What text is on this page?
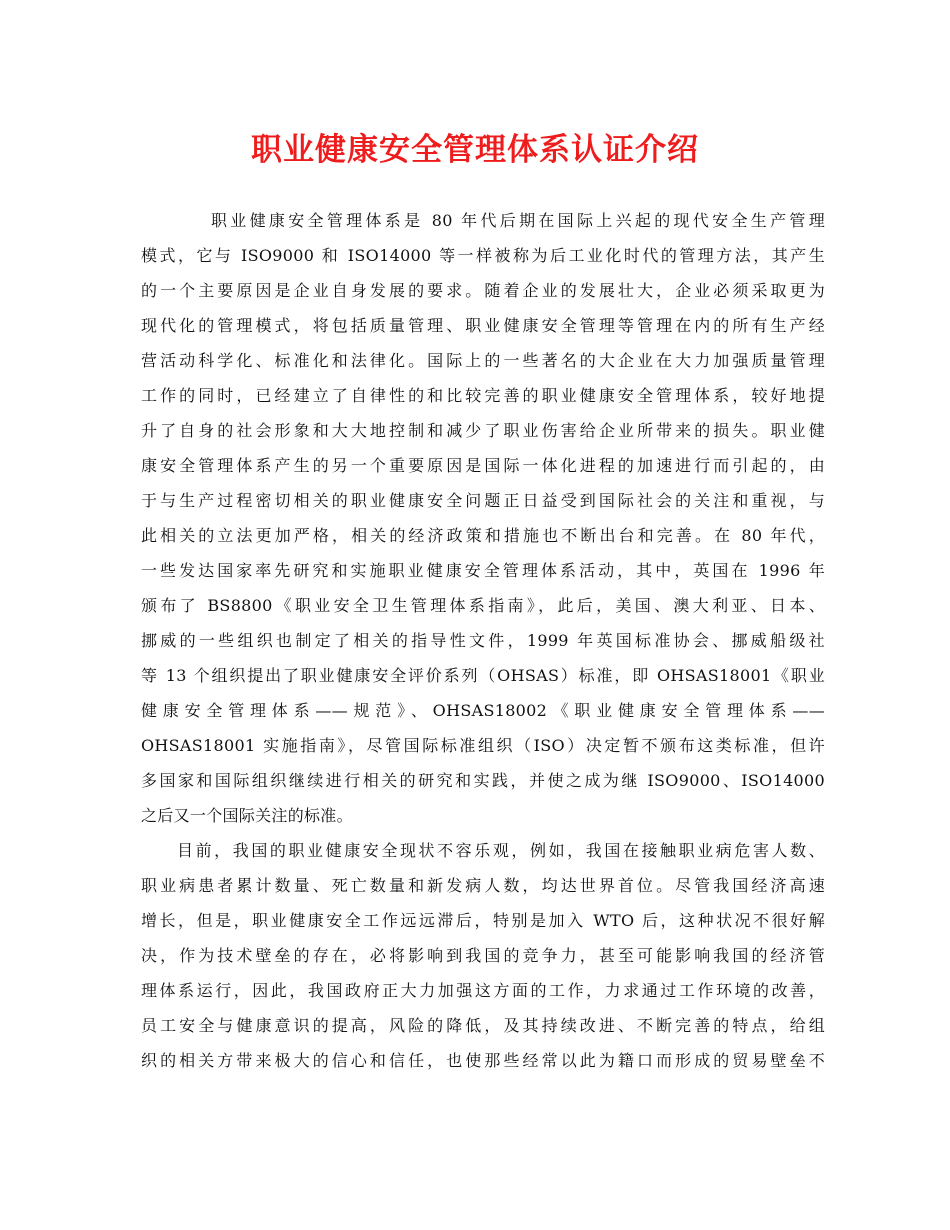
职业健康安全管理体系认证介绍
职业健康安全管理体系是 80 年代后期在国际上兴起的现代安全生产管理
模式，它与 ISO9000 和 ISO14000 等一样被称为后工业化时代的管理方法，其产生
的一个主要原因是企业自身发展的要求。随着企业的发展壮大，企业必须采取更为
现代化的管理模式，将包括质量管理、职业健康安全管理等管理在内的所有生产经
营活动科学化、标准化和法律化。国际上的一些著名的大企业在大力加强质量管理
工作的同时，已经建立了自律性的和比较完善的职业健康安全管理体系，较好地提
升了自身的社会形象和大大地控制和减少了职业伤害给企业所带来的损失。职业健
康安全管理体系产生的另一个重要原因是国际一体化进程的加速进行而引起的，由
于与生产过程密切相关的职业健康安全问题正日益受到国际社会的关注和重视，与
此相关的立法更加严格，相关的经济政策和措施也不断出台和完善。在 80 年代，
一些发达国家率先研究和实施职业健康安全管理体系活动，其中，英国在 1996 年
颁布了 BS8800《职业安全卫生管理体系指南》，此后，美国、澳大利亚、日本、
挪威的一些组织也制定了相关的指导性文件，1999 年英国标准协会、挪威船级社
等 13 个组织提出了职业健康安全评价系列（OHSAS）标准，即 OHSAS18001《职业
健康安全管理体系——规范》、OHSAS18002《职业健康安全管理体系——
OHSAS18001 实施指南》，尽管国际标准组织（ISO）决定暂不颁布这类标准，但许
多国家和国际组织继续进行相关的研究和实践，并使之成为继 ISO9000、ISO14000
之后又一个国际关注的标准。
目前，我国的职业健康安全现状不容乐观，例如，我国在接触职业病危害人数、
职业病患者累计数量、死亡数量和新发病人数，均达世界首位。尽管我国经济高速
增长，但是，职业健康安全工作远远滞后，特别是加入 WTO 后，这种状况不很好解
决，作为技术壁垒的存在，必将影响到我国的竞争力，甚至可能影响我国的经济管
理体系运行，因此，我国政府正大力加强这方面的工作，力求通过工作环境的改善，
员工安全与健康意识的提高，风险的降低，及其持续改进、不断完善的特点，给组
织的相关方带来极大的信心和信任，也使那些经常以此为籍口而形成的贸易壁垒不
